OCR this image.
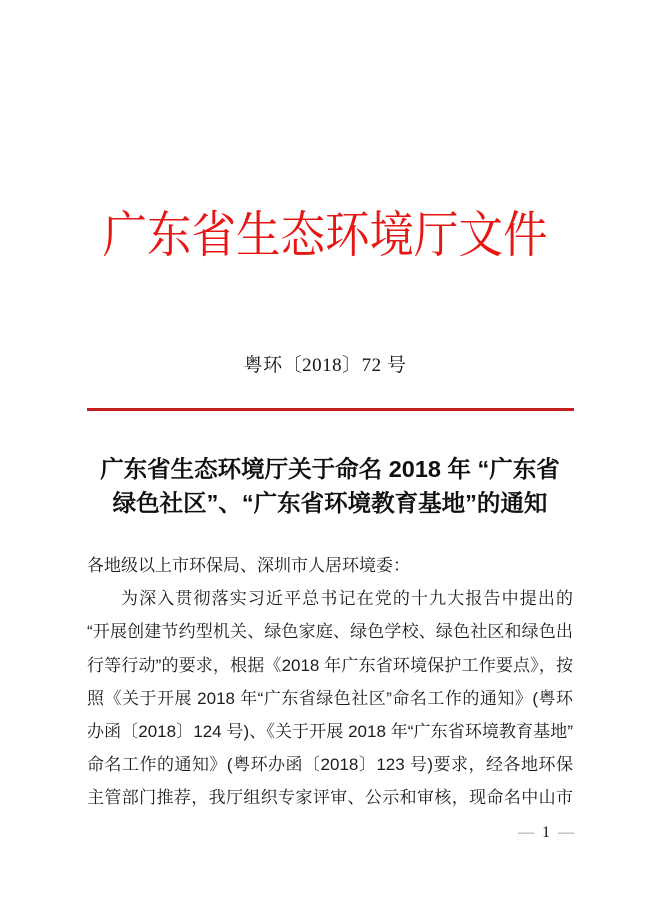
广东省生态环境厅文件
粤环〔2018〕72 号
广东省生态环境厅关于命名 2018 年 “广东省
绿色社区”、“广东省环境教育基地”的通知
各地级以上市环保局、深圳市人居环境委：
为深入贯彻落实习近平总书记在党的十九大报告中提出的
“开展创建节约型机关、绿色家庭、绿色学校、绿色社区和绿色出
行等行动”的要求，根据《2018 年广东省环境保护工作要点》，按
照《关于开展 2018 年“广东省绿色社区”命名工作的通知》(粤环
办函〔2018〕124 号)、《关于开展 2018 年“广东省环境教育基地”
命名工作的通知》(粤环办函〔2018〕123 号)要求，经各地环保
主管部门推荐，我厅组织专家评审、公示和审核，现命名中山市
— 1 —
